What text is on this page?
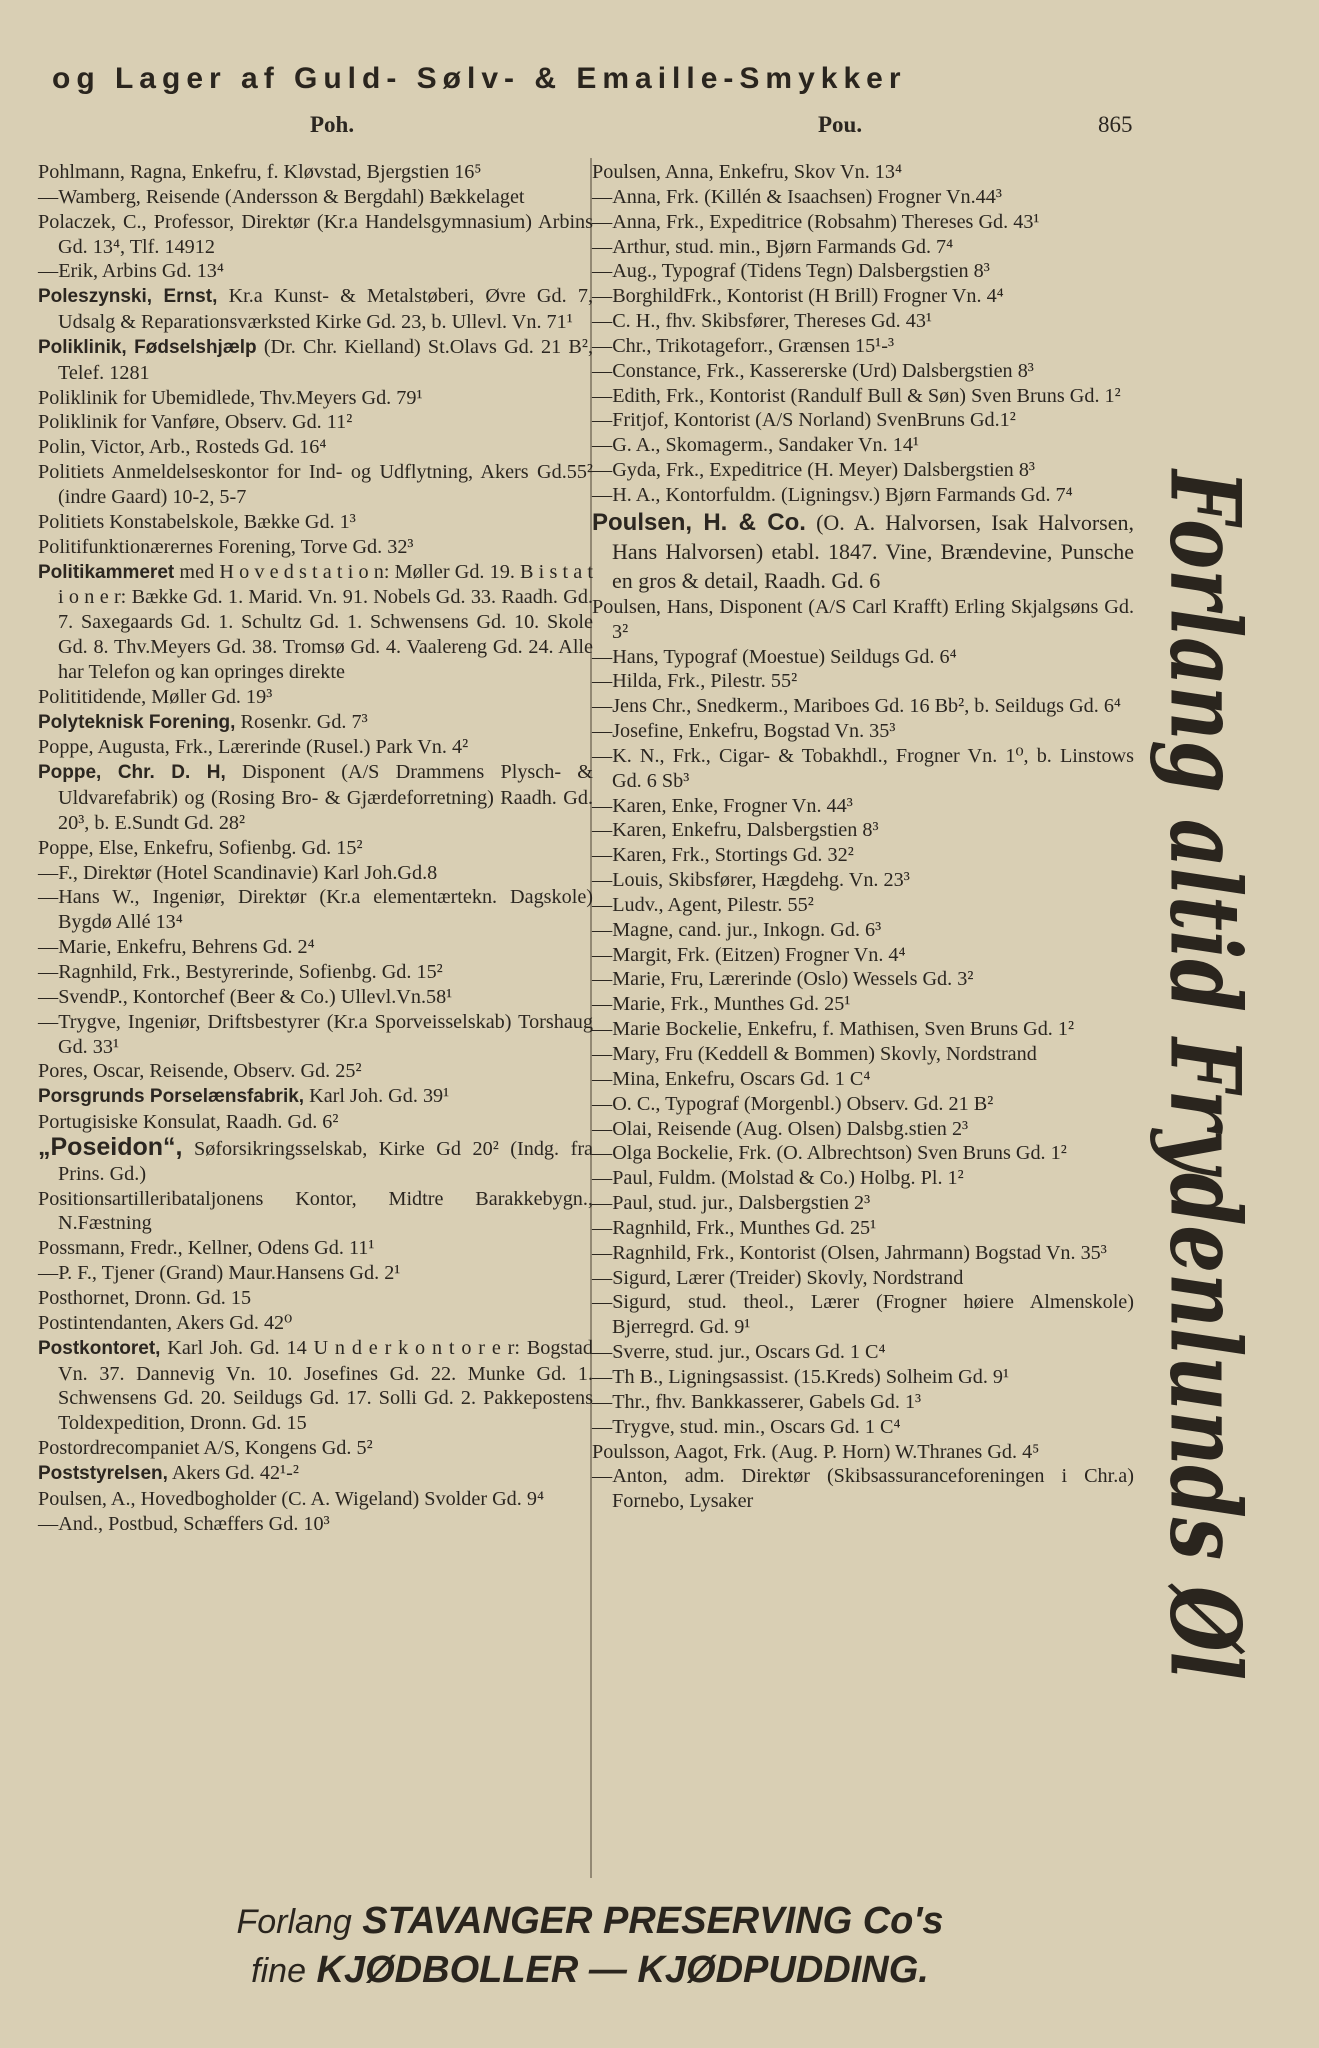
og Lager af Guld- Sølv- & Emaille-Smykker
Poh.	Pou.	865
Pohlmann, Ragna, Enkefru, f. Kløvstad, Bjergstien 16⁵
—Wamberg, Reisende (Andersson & Bergdahl) Bækkelaget
Polaczek, C., Professor, Direktør (Kr.a Handelsgymnasium) Arbins Gd. 13⁴, Tlf. 14912
—Erik, Arbins Gd. 13⁴
Poleszynski, Ernst, Kr.a Kunst- & Metalstøberi, Øvre Gd. 7, Udsalg & Reparationsværksted Kirke Gd. 23, b. Ullevl. Vn. 71¹
Poliklinik, Fødselshjælp (Dr. Chr. Kielland) St.Olavs Gd. 21 B², Telef. 1281
Poliklinik for Ubemidlede, Thv.Meyers Gd. 79¹
Poliklinik for Vanføre, Observ. Gd. 11²
Polin, Victor, Arb., Rosteds Gd. 16⁴
Politiets Anmeldelseskontor for Ind- og Udflytning, Akers Gd.55² (indre Gaard) 10-2, 5-7
Politiets Konstabelskole, Bække Gd. 1³
Politifunktionærernes Forening, Torve Gd. 32³
Politikammeret med H o v e d s t a t i o n: Møller Gd. 19. B i s t a t i o n e r: Bække Gd. 1. Marid. Vn. 91. Nobels Gd. 33. Raadh. Gd. 7. Saxegaards Gd. 1. Schultz Gd. 1. Schwensens Gd. 10. Skole Gd. 8. Thv.Meyers Gd. 38. Tromsø Gd. 4. Vaalereng Gd. 24. Alle har Telefon og kan opringes direkte
Polititidende, Møller Gd. 19³
Polyteknisk Forening, Rosenkr. Gd. 7³
Poppe, Augusta, Frk., Lærerinde (Rusel.) Park Vn. 4²
Poppe, Chr. D. H, Disponent (A/S Drammens Plysch- & Uldvarefabrik) og (Rosing Bro- & Gjærdeforretning) Raadh. Gd. 20³, b. E.Sundt Gd. 28²
Poppe, Else, Enkefru, Sofienbg. Gd. 15²
—F., Direktør (Hotel Scandinavie) Karl Joh.Gd.8
—Hans W., Ingeniør, Direktør (Kr.a elementærtekn. Dagskole) Bygdø Allé 13⁴
—Marie, Enkefru, Behrens Gd. 2⁴
—Ragnhild, Frk., Bestyrerinde, Sofienbg. Gd. 15²
—SvendP., Kontorchef (Beer & Co.) Ullevl.Vn.58¹
—Trygve, Ingeniør, Driftsbestyrer (Kr.a Sporveisselskab) Torshaug Gd. 33¹
Pores, Oscar, Reisende, Observ. Gd. 25²
Porsgrunds Porselænsfabrik, Karl Joh. Gd. 39¹
Portugisiske Konsulat, Raadh. Gd. 6²
„Poseidon“, Søforsikringsselskab, Kirke Gd 20² (Indg. fra Prins. Gd.)
Positionsartilleribataljonens Kontor, Midtre Barakkebygn., N.Fæstning
Possmann, Fredr., Kellner, Odens Gd. 11¹
—P. F., Tjener (Grand) Maur.Hansens Gd. 2¹
Posthornet, Dronn. Gd. 15
Postintendanten, Akers Gd. 42⁰
Postkontoret, Karl Joh. Gd. 14 U n d e r k o n t o r e r: Bogstad Vn. 37. Dannevig Vn. 10. Josefines Gd. 22. Munke Gd. 1. Schwensens Gd. 20. Seildugs Gd. 17. Solli Gd. 2. Pakkepostens Toldexpedition, Dronn. Gd. 15
Postordrecompaniet A/S, Kongens Gd. 5²
Poststyrelsen, Akers Gd. 42¹-²
Poulsen, A., Hovedbogholder (C. A. Wigeland) Svolder Gd. 9⁴
—And., Postbud, Schæffers Gd. 10³
Poulsen, Anna, Enkefru, Skov Vn. 13⁴
—Anna, Frk. (Killén & Isaachsen) Frogner Vn.44³
—Anna, Frk., Expeditrice (Robsahm) Thereses Gd. 43¹
—Arthur, stud. min., Bjørn Farmands Gd. 7⁴
—Aug., Typograf (Tidens Tegn) Dalsbergstien 8³
—BorghildFrk., Kontorist (H Brill) Frogner Vn. 4⁴
—C. H., fhv. Skibsfører, Thereses Gd. 43¹
—Chr., Trikotageforr., Grænsen 15¹-³
—Constance, Frk., Kassererske (Urd) Dalsbergstien 8³
—Edith, Frk., Kontorist (Randulf Bull & Søn) Sven Bruns Gd. 1²
—Fritjof, Kontorist (A/S Norland) SvenBruns Gd.1²
—G. A., Skomagerm., Sandaker Vn. 14¹
—Gyda, Frk., Expeditrice (H. Meyer) Dalsbergstien 8³
—H. A., Kontorfuldm. (Ligningsv.) Bjørn Farmands Gd. 7⁴
Poulsen, H. & Co. (O. A. Halvorsen, Isak Halvorsen, Hans Halvorsen) etabl. 1847. Vine, Brændevine, Punsche en gros & detail, Raadh. Gd. 6
Poulsen, Hans, Disponent (A/S Carl Krafft) Erling Skjalgsøns Gd. 3²
—Hans, Typograf (Moestue) Seildugs Gd. 6⁴
—Hilda, Frk., Pilestr. 55²
—Jens Chr., Snedkerm., Mariboes Gd. 16 Bb², b. Seildugs Gd. 6⁴
—Josefine, Enkefru, Bogstad Vn. 35³
—K. N., Frk., Cigar- & Tobakhdl., Frogner Vn. 1⁰, b. Linstows Gd. 6 Sb³
—Karen, Enke, Frogner Vn. 44³
—Karen, Enkefru, Dalsbergstien 8³
—Karen, Frk., Stortings Gd. 32²
—Louis, Skibsfører, Hægdehg. Vn. 23³
—Ludv., Agent, Pilestr. 55²
—Magne, cand. jur., Inkogn. Gd. 6³
—Margit, Frk. (Eitzen) Frogner Vn. 4⁴
—Marie, Fru, Lærerinde (Oslo) Wessels Gd. 3²
—Marie, Frk., Munthes Gd. 25¹
—Marie Bockelie, Enkefru, f. Mathisen, Sven Bruns Gd. 1²
—Mary, Fru (Keddell & Bommen) Skovly, Nordstrand
—Mina, Enkefru, Oscars Gd. 1 C⁴
—O. C., Typograf (Morgenbl.) Observ. Gd. 21 B²
—Olai, Reisende (Aug. Olsen) Dalsbg.stien 2³
—Olga Bockelie, Frk. (O. Albrechtson) Sven Bruns Gd. 1²
—Paul, Fuldm. (Molstad & Co.) Holbg. Pl. 1²
—Paul, stud. jur., Dalsbergstien 2³
—Ragnhild, Frk., Munthes Gd. 25¹
—Ragnhild, Frk., Kontorist (Olsen, Jahrmann) Bogstad Vn. 35³
—Sigurd, Lærer (Treider) Skovly, Nordstrand
—Sigurd, stud. theol., Lærer (Frogner høiere Almenskole) Bjerregrd. Gd. 9¹
—Sverre, stud. jur., Oscars Gd. 1 C⁴
—Th B., Ligningsassist. (15.Kreds) Solheim Gd. 9¹
—Thr., fhv. Bankkasserer, Gabels Gd. 1³
—Trygve, stud. min., Oscars Gd. 1 C⁴
Poulsson, Aagot, Frk. (Aug. P. Horn) W.Thranes Gd. 4⁵
—Anton, adm. Direktør (Skibsassuranceforeningen i Chr.a) Fornebo, Lysaker	Forlang altid Frydenlunds Øl
Forlang STAVANGER PRESERVING Co's
fine KJØDBOLLER — KJØDPUDDING.
